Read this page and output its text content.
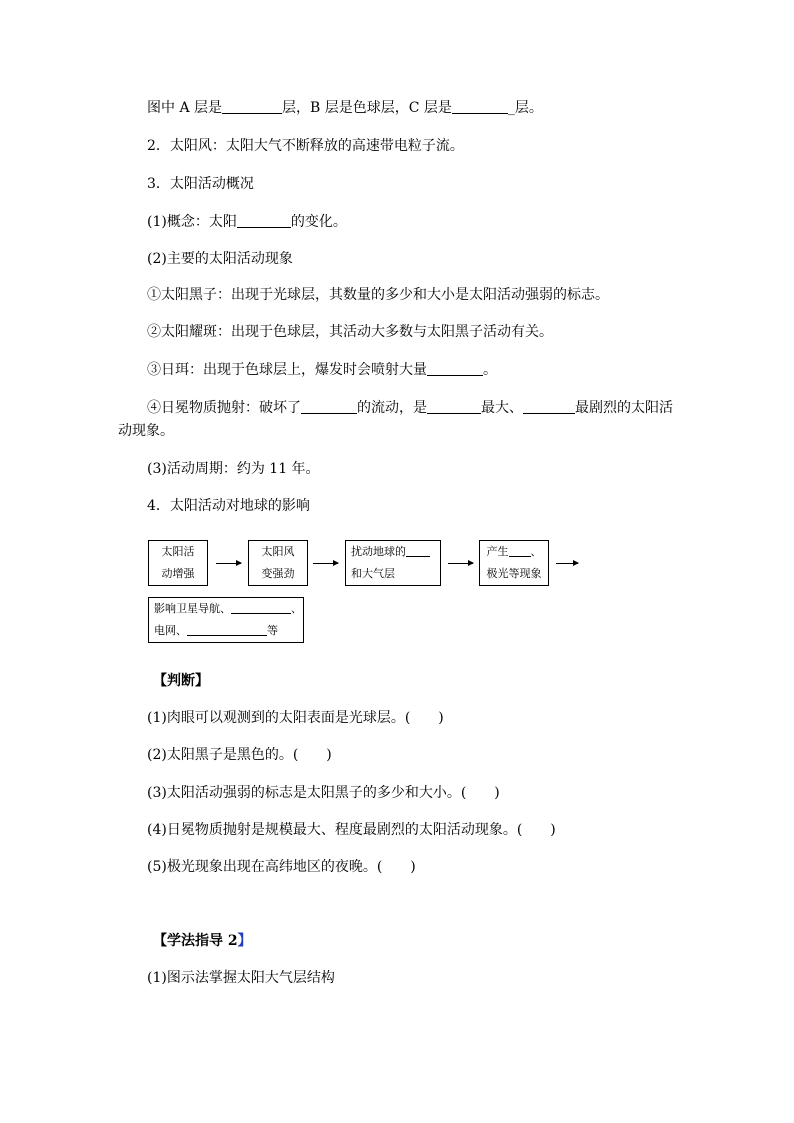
图中 A 层是	层，B 层是色球层，C 层是	_层。
2．太阳风：太阳大气不断释放的高速带电粒子流。
3．太阳活动概况
(1)概念：太阳	的变化。
(2)主要的太阳活动现象
①太阳黑子：出现于光球层，其数量的多少和大小是太阳活动强弱的标志。
②太阳耀斑：出现于色球层，其活动大多数与太阳黑子活动有关。
③日珥：出现于色球层上，爆发时会喷射大量	。
④日冕物质抛射：破坏了	的流动，是	最大、	最剧烈的太阳活
动现象。
(3)活动周期：约为 11 年。
4．太阳活动对地球的影响
太阳活
动增强
太阳风
变强劲
扰动地球的
和大气层
产生 、
极光等现象
影响卫星导航、	、
电网、	等
【判断】
(1)肉眼可以观测到的太阳表面是光球层。(　　)
(2)太阳黑子是黑色的。(　　)
(3)太阳活动强弱的标志是太阳黑子的多少和大小。(　　)
(4)日冕物质抛射是规模最大、程度最剧烈的太阳活动现象。(　　)
(5)极光现象出现在高纬地区的夜晚。(　　)
【学法指导 2】
(1)图示法掌握太阳大气层结构
